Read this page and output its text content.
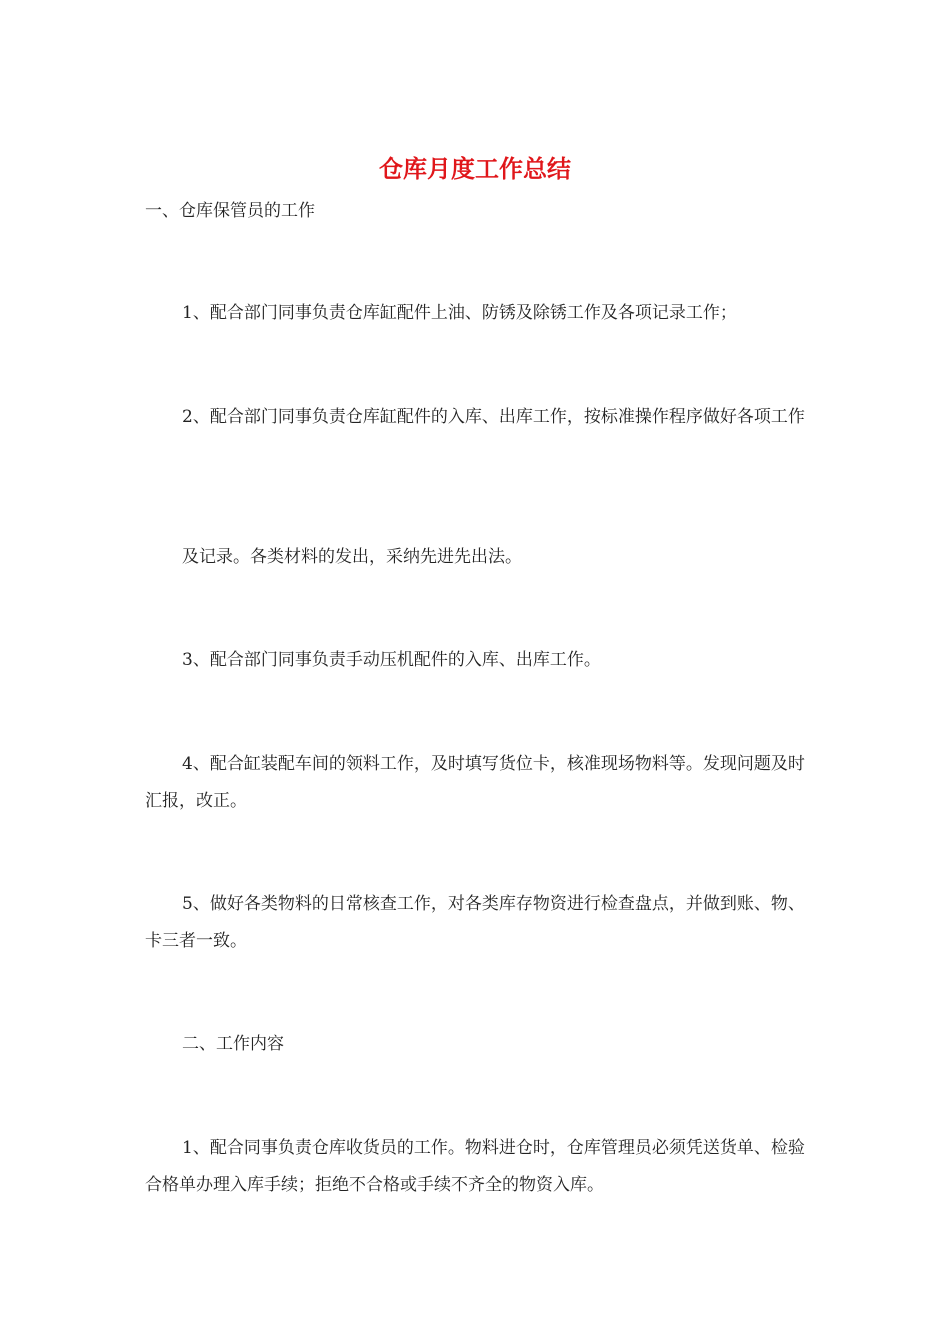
仓库月度工作总结

一、仓库保管员的工作

1、配合部门同事负责仓库缸配件上油、防锈及除锈工作及各项记录工作；

2、配合部门同事负责仓库缸配件的入库、出库工作，按标准操作程序做好各项工作

及记录。各类材料的发出，采纳先进先出法。

3、配合部门同事负责手动压机配件的入库、出库工作。

4、配合缸装配车间的领料工作，及时填写货位卡，核准现场物料等。发现问题及时汇报，改正。

5、做好各类物料的日常核查工作，对各类库存物资进行检查盘点，并做到账、物、卡三者一致。

二、工作内容

1、配合同事负责仓库收货员的工作。物料进仓时，仓库管理员必须凭送货单、检验合格单办理入库手续；拒绝不合格或手续不齐全的物资入库。
